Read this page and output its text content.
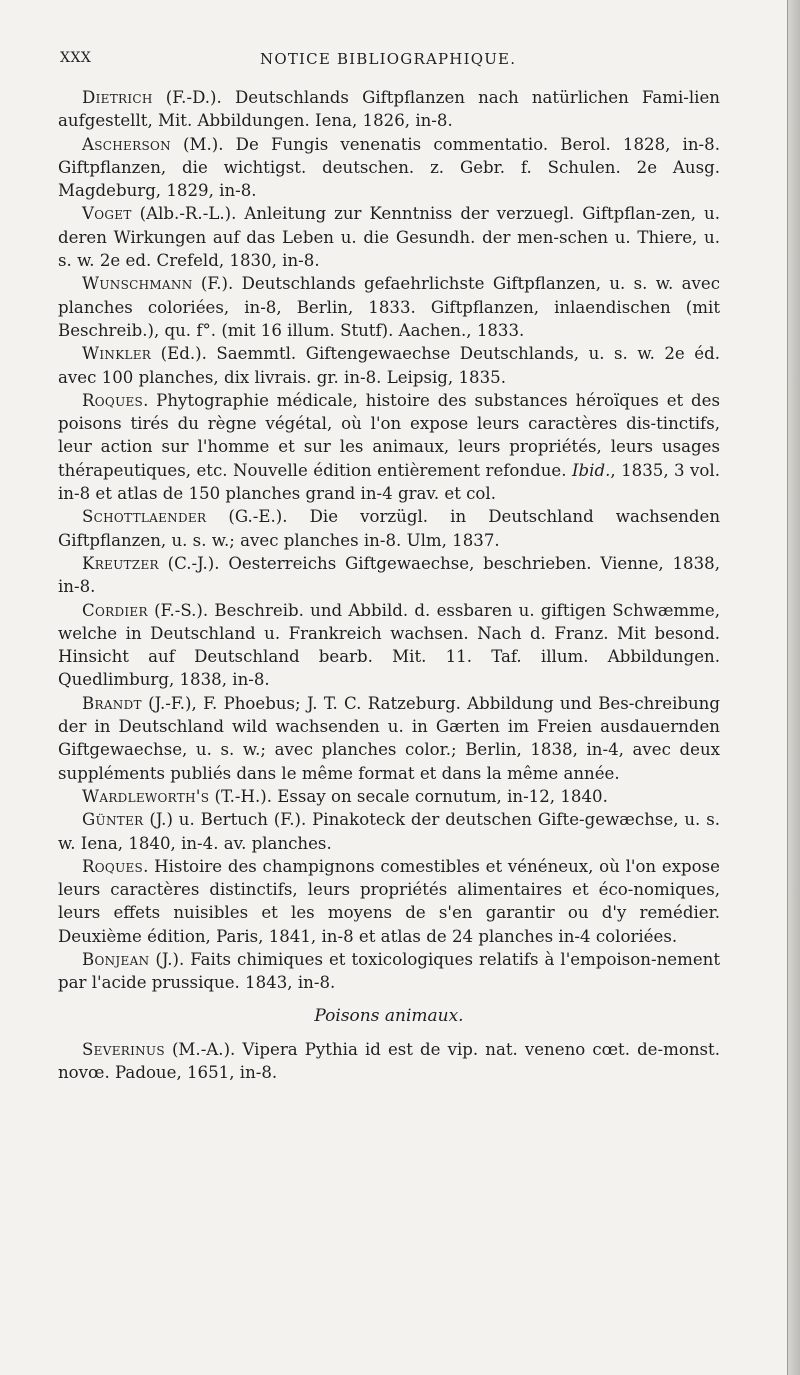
XXX	NOTICE BIBLIOGRAPHIQUE.

Dietrich (F.-D.). Deutschlands Giftpflanzen nach natürlichen Fami-lien aufgestellt, Mit. Abbildungen. Iena, 1826, in-8.

Ascherson (M.). De Fungis venenatis commentatio. Berol. 1828, in-8. Giftpflanzen, die wichtigst. deutschen. z. Gebr. f. Schulen. 2e Ausg. Magdeburg, 1829, in-8.

Voget (Alb.-R.-L.). Anleitung zur Kenntniss der verzuegl. Giftpflan-zen, u. deren Wirkungen auf das Leben u. die Gesundh. der men-schen u. Thiere, u. s. w. 2e ed. Crefeld, 1830, in-8.

Wunschmann (F.). Deutschlands gefaehrlichste Giftpflanzen, u. s. w. avec planches coloriées, in-8, Berlin, 1833. Giftpflanzen, inlaendischen (mit Beschreib.), qu. f°. (mit 16 illum. Stutf). Aachen., 1833.

Winkler (Ed.). Saemmtl. Giftengewaechse Deutschlands, u. s. w. 2e éd. avec 100 planches, dix livrais. gr. in-8. Leipsig, 1835.

Roques. Phytographie médicale, histoire des substances héroïques et des poisons tirés du règne végétal, où l'on expose leurs caractères dis-tinctifs, leur action sur l'homme et sur les animaux, leurs propriétés, leurs usages thérapeutiques, etc. Nouvelle édition entièrement refondue. Ibid., 1835, 3 vol. in-8 et atlas de 150 planches grand in-4 grav. et col.

Schottlaender (G.-E.). Die vorzügl. in Deutschland wachsenden Giftpflanzen, u. s. w.; avec planches in-8. Ulm, 1837.

Kreutzer (C.-J.). Oesterreichs Giftgewaechse, beschrieben. Vienne, 1838, in-8.

Cordier (F.-S.). Beschreib. und Abbild. d. essbaren u. giftigen Schwæmme, welche in Deutschland u. Frankreich wachsen. Nach d. Franz. Mit besond. Hinsicht auf Deutschland bearb. Mit. 11. Taf. illum. Abbildungen. Quedlimburg, 1838, in-8.

Brandt (J.-F.), F. Phoebus; J. T. C. Ratzeburg. Abbildung und Bes-chreibung der in Deutschland wild wachsenden u. in Gærten im Freien ausdauernden Giftgewaechse, u. s. w.; avec planches color.; Berlin, 1838, in-4, avec deux suppléments publiés dans le même format et dans la même année.

Wardleworth's (T.-H.). Essay on secale cornutum, in-12, 1840.

Günter (J.) u. Bertuch (F.). Pinakoteck der deutschen Gifte-gewæchse, u. s. w. Iena, 1840, in-4. av. planches.

Roques. Histoire des champignons comestibles et vénéneux, où l'on expose leurs caractères distinctifs, leurs propriétés alimentaires et éco-nomiques, leurs effets nuisibles et les moyens de s'en garantir ou d'y remédier. Deuxième édition, Paris, 1841, in-8 et atlas de 24 planches in-4 coloriées.

Bonjean (J.). Faits chimiques et toxicologiques relatifs à l'empoison-nement par l'acide prussique. 1843, in-8.

Poisons animaux.

Severinus (M.-A.). Vipera Pythia id est de vip. nat. veneno cœt. de-monst. novœ. Padoue, 1651, in-8.
